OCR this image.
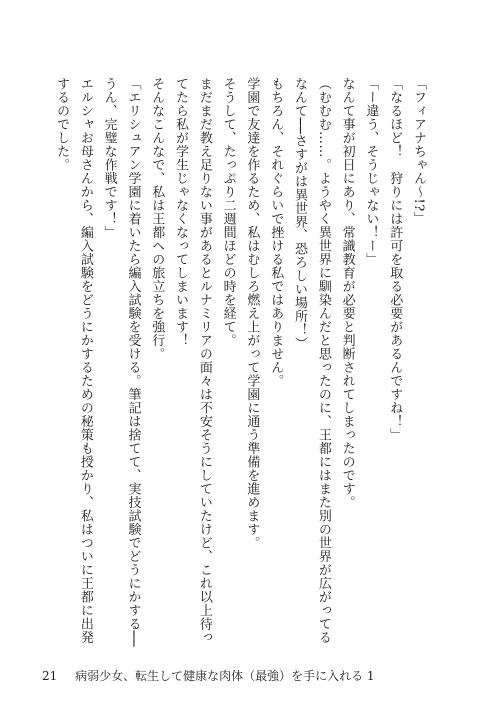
「フィアナちゃん～!?」

「なるほど！　狩りには許可を取る必要があるんですね！」

「ー違う、そうじゃない！ー」

なんて事が初日にあり、常識教育が必要と判断されてしまったのです。

（むむむ……。ようやく異世界に馴染んだと思ったのに、王都にはまた別の世界が広がってるなんて──さすがは異世界、恐ろしい場所！）

もちろん、それぐらいで挫ける私ではありません。

学園で友達を作るため、私はむしろ燃え上がって学園に通う準備を進めます。

そうして、たっぷり二週間ほどの時を経て。

まだまだ教え足りない事があるとルナミリアの面々は不安そうにしていたけど、これ以上待ってたら私が学生じゃなくなってしまいます！

そんなこんなで、私は王都への旅立ちを強行。

「エリシュアン学園に着いたら編入試験を受ける。筆記は捨てて、実技試験でどうにかする──うん、完璧な作戦です！」

エルシャお母さんから、編入試験をどうにかするための秘策も授かり、私はついに王都に出発するのでした。

21 病弱少女、転生して健康な肉体（最強）を手に入れる 1
